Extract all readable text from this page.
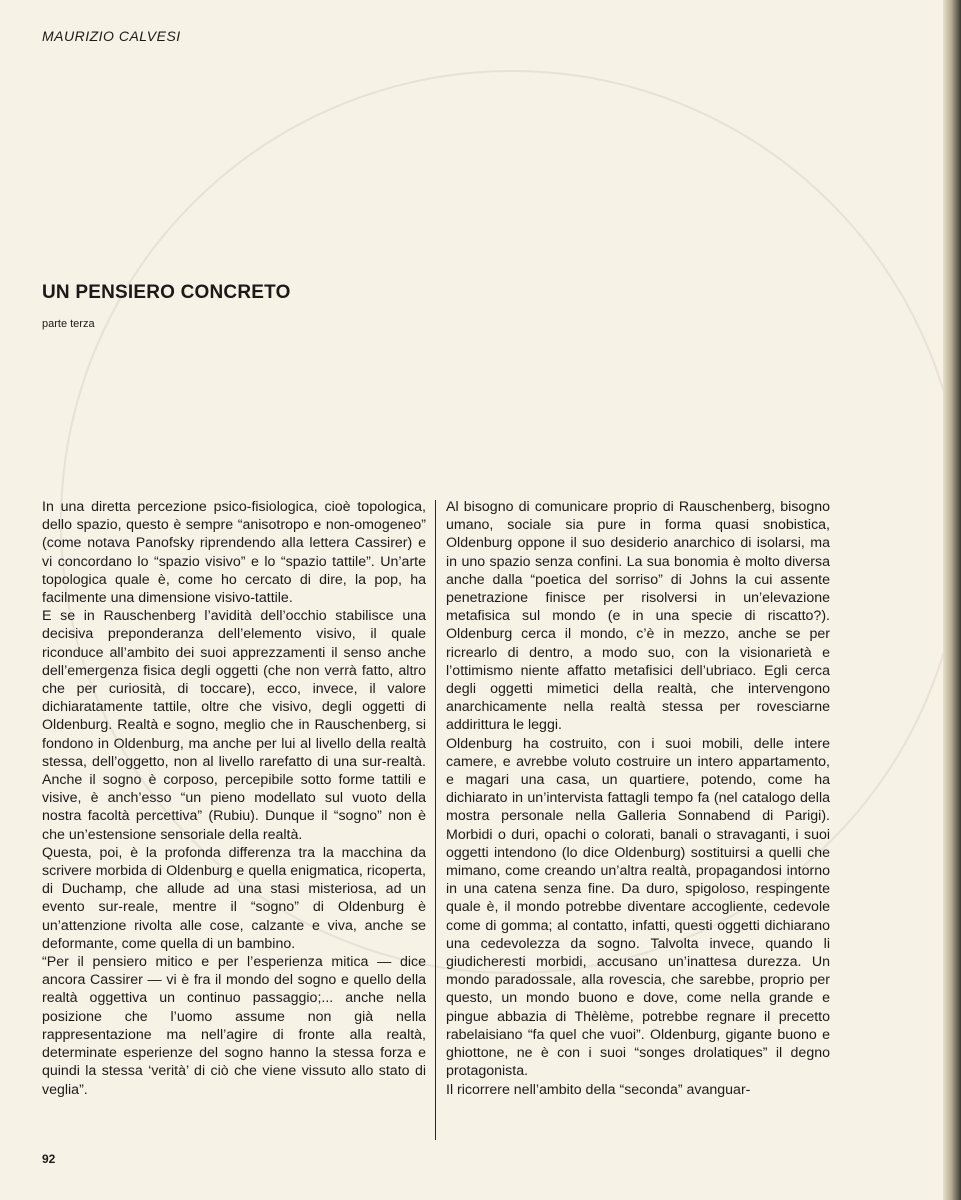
MAURIZIO CALVESI
UN PENSIERO CONCRETO

parte terza

In una diretta percezione psico-fisiologica, cioè topologica, dello spazio, questo è sempre “anisotropo e non-omogeneo” (come notava Panofsky riprendendo alla lettera Cassirer) e vi concordano lo “spazio visivo” e lo “spazio tattile”. Un’arte topologica quale è, come ho cercato di dire, la pop, ha facilmente una dimensione visivo-tattile.

E se in Rauschenberg l’avidità dell’occhio stabilisce una decisiva preponderanza dell’elemento visivo, il quale riconduce all’ambito dei suoi apprezzamenti il senso anche dell’emergenza fisica degli oggetti (che non verrà fatto, altro che per curiosità, di toccare), ecco, invece, il valore dichiaratamente tattile, oltre che visivo, degli oggetti di Oldenburg. Realtà e sogno, meglio che in Rauschenberg, si fondono in Oldenburg, ma anche per lui al livello della realtà stessa, dell’oggetto, non al livello rarefatto di una sur-realtà. Anche il sogno è corposo, percepibile sotto forme tattili e visive, è anch’esso “un pieno modellato sul vuoto della nostra facoltà percettiva” (Rubiu). Dunque il “sogno” non è che un’estensione sensoriale della realtà.

Questa, poi, è la profonda differenza tra la macchina da scrivere morbida di Oldenburg e quella enigmatica, ricoperta, di Duchamp, che allude ad una stasi misteriosa, ad un evento sur-reale, mentre il “sogno” di Oldenburg è un’attenzione rivolta alle cose, calzante e viva, anche se deformante, come quella di un bambino.

“Per il pensiero mitico e per l’esperienza mitica — dice ancora Cassirer — vi è fra il mondo del sogno e quello della realtà oggettiva un continuo passaggio;... anche nella posizione che l’uomo assume non già nella rappresentazione ma nell’agire di fronte alla realtà, determinate esperienze del sogno hanno la stessa forza e quindi la stessa ‘verità’ di ciò che viene vissuto allo stato di veglia”.

Al bisogno di comunicare proprio di Rauschenberg, bisogno umano, sociale sia pure in forma quasi snobistica, Oldenburg oppone il suo desiderio anarchico di isolarsi, ma in uno spazio senza confini. La sua bonomia è molto diversa anche dalla “poetica del sorriso” di Johns la cui assente penetrazione finisce per risolversi in un’elevazione metafisica sul mondo (e in una specie di riscatto?). Oldenburg cerca il mondo, c’è in mezzo, anche se per ricrearlo di dentro, a modo suo, con la visionarietà e l’ottimismo niente affatto metafisici dell’ubriaco. Egli cerca degli oggetti mimetici della realtà, che intervengono anarchicamente nella realtà stessa per rovesciarne addirittura le leggi.

Oldenburg ha costruito, con i suoi mobili, delle intere camere, e avrebbe voluto costruire un intero appartamento, e magari una casa, un quartiere, potendo, come ha dichiarato in un’intervista fattagli tempo fa (nel catalogo della mostra personale nella Galleria Sonnabend di Parigi). Morbidi o duri, opachi o colorati, banali o stravaganti, i suoi oggetti intendono (lo dice Oldenburg) sostituirsi a quelli che mimano, come creando un’altra realtà, propagandosi intorno in una catena senza fine. Da duro, spigoloso, respingente quale è, il mondo potrebbe diventare accogliente, cedevole come di gomma; al contatto, infatti, questi oggetti dichiarano una cedevolezza da sogno. Talvolta invece, quando li giudicheresti morbidi, accusano un’inattesa durezza. Un mondo paradossale, alla rovescia, che sarebbe, proprio per questo, un mondo buono e dove, come nella grande e pingue abbazia di Thèlème, potrebbe regnare il precetto rabelaisiano “fa quel che vuoi”. Oldenburg, gigante buono e ghiottone, ne è con i suoi “songes drolatiques” il degno protagonista.

Il ricorrere nell’ambito della “seconda” avanguar-

92
